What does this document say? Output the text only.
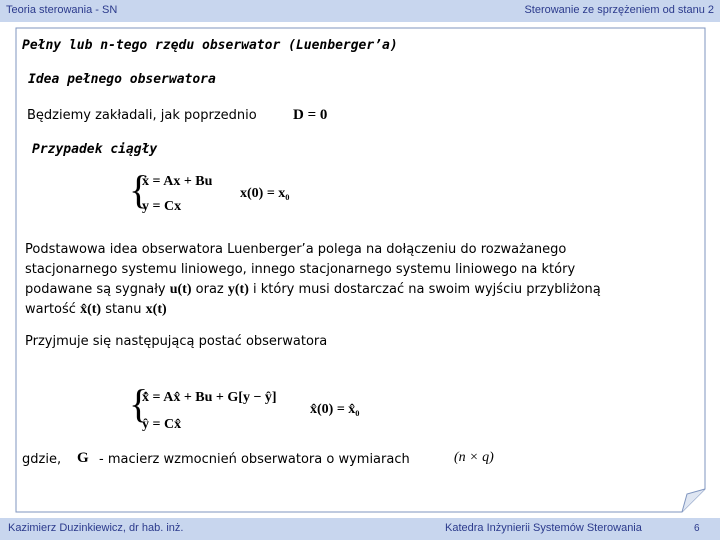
Teoria sterowania - SN	Sterowanie ze sprzężeniem od stanu 2
Pełny lub n-tego rzędu obserwator (Luenberger’a)
Idea pełnego obserwatora
Będziemy zakładali, jak poprzednio D = 0
Przypadek ciągły
{
ẋ = Ax + Bu
y = Cx
x(0) = x₀
Podstawowa idea obserwatora Luenberger’a polega na dołączeniu do rozważanego
stacjonarnego systemu liniowego, innego stacjonarnego systemu liniowego na który
podawane są sygnały u(t) oraz y(t) i który musi dostarczać na swoim wyjściu przybliżoną
wartość x̂(t) stanu x(t)
Przyjmuje się następującą postać obserwatora
{
x̂̇ = Ax̂ + Bu + G[y − ŷ]
ŷ = Cx̂
x̂(0) = x̂₀
gdzie, G - macierz wzmocnień obserwatora o wymiarach	(n × q)
Kazimierz Duzinkiewicz, dr hab. inż.	Katedra Inżynierii Systemów Sterowania	6
